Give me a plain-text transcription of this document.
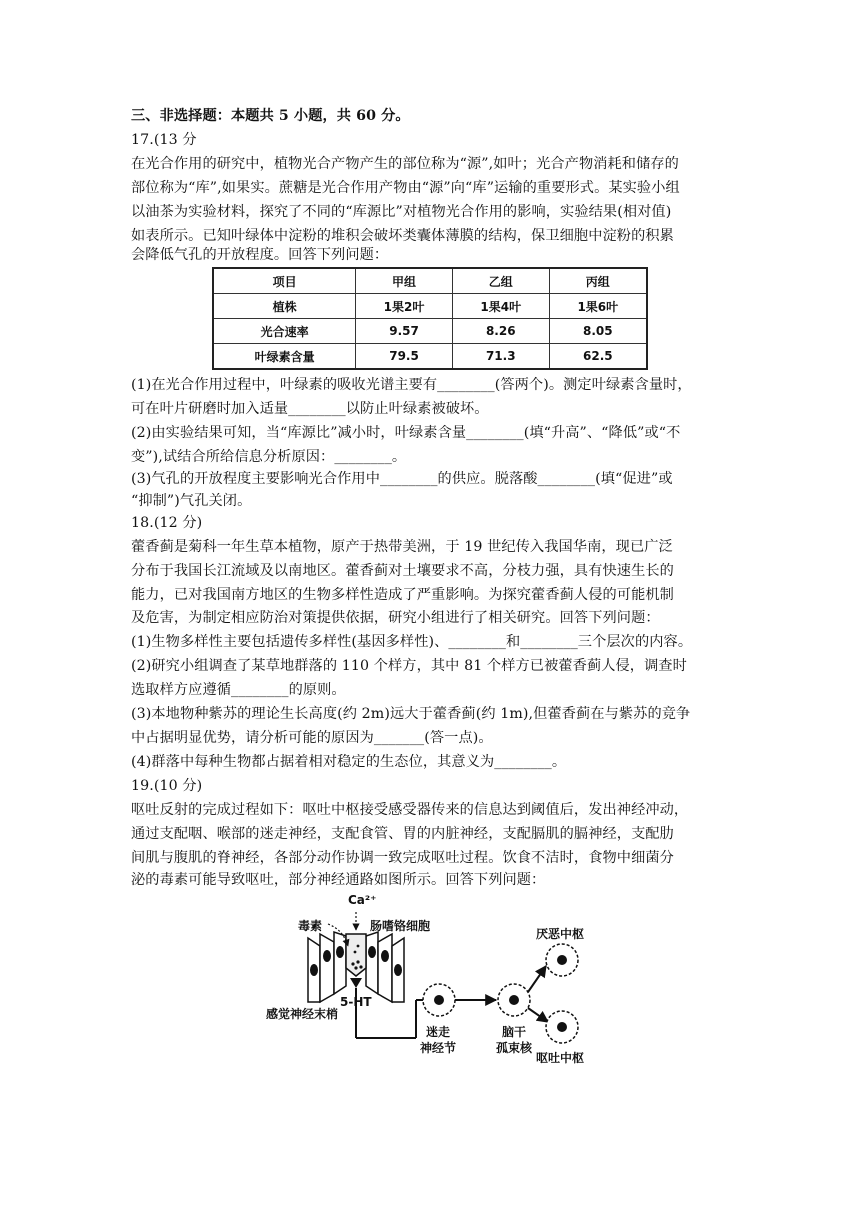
三、非选择题：本题共 5 小题，共 60 分。
17.(13 分
在光合作用的研究中，植物光合产物产生的部位称为“源”,如叶；光合产物消耗和储存的
部位称为“库”,如果实。蔗糖是光合作用产物由“源”向“库”运输的重要形式。某实验小组
以油茶为实验材料，探究了不同的“库源比”对植物光合作用的影响，实验结果(相对值)
如表所示。已知叶绿体中淀粉的堆积会破坏类囊体薄膜的结构，保卫细胞中淀粉的积累
会降低气孔的开放程度。回答下列问题：
项目	甲组	乙组	丙组
植株	1果2叶	1果4叶	1果6叶
光合速率	9.57	8.26	8.05
叶绿素含量	79.5	71.3	62.5
(1)在光合作用过程中，叶绿素的吸收光谱主要有________(答两个)。测定叶绿素含量时，
可在叶片研磨时加入适量________以防止叶绿素被破坏。
(2)由实验结果可知，当“库源比”减小时，叶绿素含量________(填“升高”、“降低”或“不
变”),试结合所给信息分析原因：________。
(3)气孔的开放程度主要影响光合作用中________的供应。脱落酸________(填“促进”或
“抑制”)气孔关闭。
18.(12 分)
藿香蓟是菊科一年生草本植物，原产于热带美洲，于 19 世纪传入我国华南，现已广泛
分布于我国长江流域及以南地区。藿香蓟对土壤要求不高，分枝力强，具有快速生长的
能力，已对我国南方地区的生物多样性造成了严重影响。为探究藿香蓟人侵的可能机制
及危害，为制定相应防治对策提供依据，研究小组进行了相关研究。回答下列问题：
(1)生物多样性主要包括遗传多样性(基因多样性)、________和________三个层次的内容。
(2)研究小组调查了某草地群落的 110 个样方，其中 81 个样方已被藿香蓟人侵，调查时
选取样方应遵循________的原则。
(3)本地物种紫苏的理论生长高度(约 2m)远大于藿香蓟(约 1m),但藿香蓟在与紫苏的竞争
中占据明显优势，请分析可能的原因为_______(答一点)。
(4)群落中每种生物都占据着相对稳定的生态位，其意义为________。
19.(10 分)
呕吐反射的完成过程如下：呕吐中枢接受感受器传来的信息达到阈值后，发出神经冲动，
通过支配咽、喉部的迷走神经，支配食管、胃的内脏神经，支配膈肌的膈神经，支配肋
间肌与腹肌的脊神经，各部分动作协调一致完成呕吐过程。饮食不洁时，食物中细菌分
泌的毒素可能导致呕吐，部分神经通路如图所示。回答下列问题：
Ca²⁺
毒素	肠嗜铬细胞
5-HT
感觉神经末梢
迷走
神经节
脑干
孤束核
厌恶中枢
呕吐中枢
